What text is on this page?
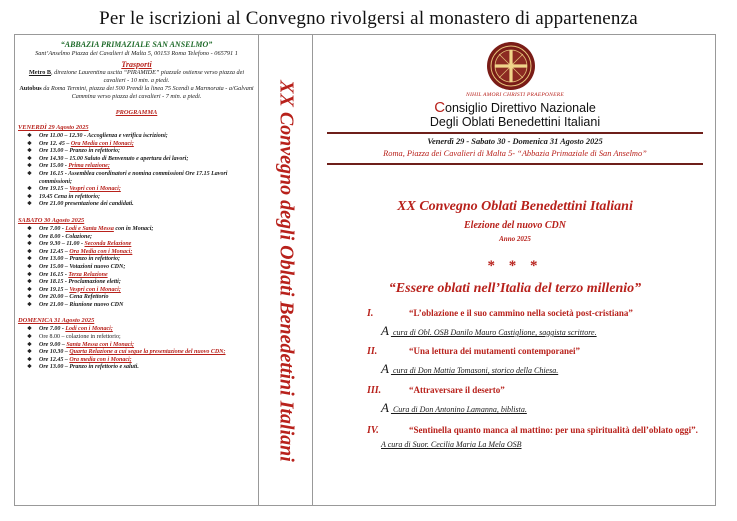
Per le iscrizioni al Convegno rivolgersi al monastero di appartenenza
“ABBAZIA PRIMAZIALE SAN ANSELMO”
Sant’Anselmo Piazza dei Cavalieri di Malta 5, 00153 Roma Telefono - 065791 1
Trasporti
Metro B, direzione Laurentina uscita “PIRAMIDE” piazzale ostiense verso piazza dei cavalieri - 10 min. a piedi.
Autobus da Roma Termini, piazza dei 500 Prendi la linea 75 Scendi a Marmorata - a/Galvani Cammina verso piazza dei cavalieri - 7 min. a piedi.
PROGRAMMA
VENERDÌ 29 Agosto 2025
❖ Ore 11.00 – 12.30 - Accoglienza e verifica iscrizioni;
❖ Ore 12. 45 – Ora Media con i Monaci;
❖ Ore 13.00 – Pranzo in refettorio;
❖ Ore 14.30 – 15.00 Saluto di Benvenuto e apertura dei lavori;
❖ Ore 15.00 - Prima relazione;
❖ Ore 16.15 - Assemblea coordinatori e nomina commissioni Ore 17.15 Lavori commissioni;
❖ Ore 19.15 – Vespri con i Monaci;
❖ 19.45 Cena in refettorio;
❖ Ore 21.00 presentazione dei candidati.
SABATO 30 Agosto 2025
❖ Ore 7.00 - Lodi e Santa Messa con in Monaci;
❖ Ore 8.00 - Colazione;
❖ Ore 9.30 – 11.00 - Seconda Relazione
❖ Ore 12.45 – Ora Media con i Monaci;
❖ Ore 13.00 – Pranzo in refettorio;
❖ Ore 15.00 – Votazioni nuovo CDN;
❖ Ore 16.15 - Terza Relazione
❖ Ore 18.15 - Proclamazione eletti;
❖ Ore 19.15 – Vespri con i Monaci;
❖ Ore 20.00 – Cena Refettorio
❖ Ore 21.00 – Riunione nuovo CDN
DOMENICA 31 Agosto 2025
❖ Ore 7.00 - Lodi con i Monaci;
❖ Ore 8.00 – colazione in refettorio;
❖ Ore 9.00 – Santa Messa con i Monaci;
❖ Ore 10.30 – Quarta Relazione a cui segue la presentazione del nuovo CDN;
❖ Ore 12.45 – Ora media con i Monaci;
❖ Ore 13.00 – Pranzo in refettorio e saluti.	XX Convegno degli Oblati Benedettini Italiani	NIHIL AMORI CHRISTI PRAEPONERE
Consiglio Direttivo Nazionale
Degli Oblati Benedettini Italiani
Venerdì 29 - Sabato 30 - Domenica 31 Agosto 2025
Roma, Piazza dei Cavalieri di Malta 5- “Abbazia Primaziale di San Anselmo”
XX Convegno Oblati Benedettini Italiani
Elezione del nuovo CDN
Anno 2025
* * *
“Essere oblati nell’Italia del terzo millenio”
I.	“L’oblazione e il suo cammino nella società post-cristiana”
A cura di Obl. OSB Danilo Mauro Castiglione, saggista scrittore.
II.	“Una lettura dei mutamenti contemporanei”
A cura di Don Mattia Tomasoni, storico della Chiesa.
III.	“Attraversare il deserto”
A Cura di Don Antonino Lamanna, biblista.
IV.	“Sentinella quanto manca al mattino: per una spiritualità dell’oblato oggi”.
A cura di Suor. Cecilia Maria La Mela OSB
